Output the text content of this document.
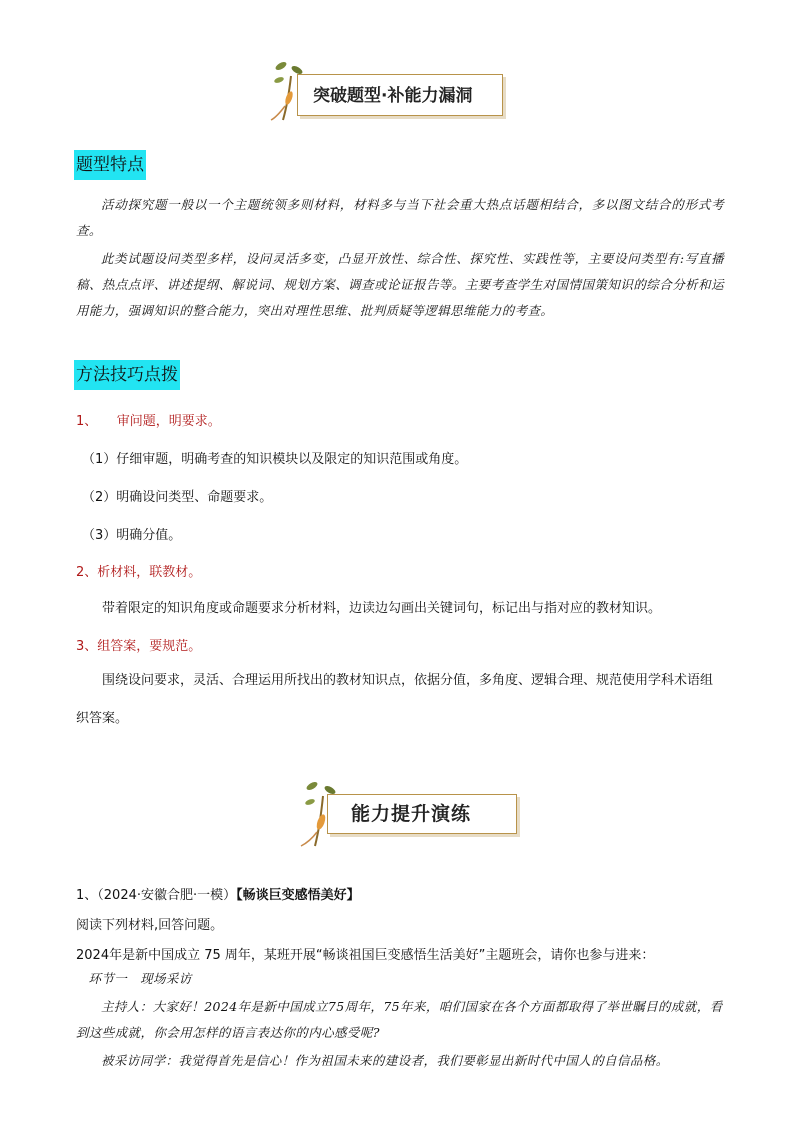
突破题型·补能力漏洞
题型特点
活动探究题一般以一个主题统领多则材料，材料多与当下社会重大热点话题相结合，多以图文结合的形式考查。
此类试题设问类型多样，设问灵活多变，凸显开放性、综合性、探究性、实践性等，主要设问类型有:写直播稿、热点点评、讲述提纲、解说词、规划方案、调查或论证报告等。主要考查学生对国情国策知识的综合分析和运用能力，强调知识的整合能力，突出对理性思维、批判质疑等逻辑思维能力的考查。
方法技巧点拨
1、　　审问题，明要求。
（1）仔细审题，明确考查的知识模块以及限定的知识范围或角度。
（2）明确设问类型、命题要求。
（3）明确分值。
2、析材料，联教材。
带着限定的知识角度或命题要求分析材料，边读边勾画出关键词句，标记出与指对应的教材知识。
3、组答案，要规范。
围绕设问要求，灵活、合理运用所找出的教材知识点，依据分值，多角度、逻辑合理、规范使用学科术语组织答案。
能力提升演练
1、（2024·安徽合肥·一模）【畅谈巨变感悟美好】
阅读下列材料,回答问题。
2024年是新中国成立 75 周年，某班开展“畅谈祖国巨变感悟生活美好”主题班会，请你也参与进来：
环节一　现场采访
主持人：大家好！2024年是新中国成立75周年，75年来，咱们国家在各个方面都取得了举世瞩目的成就，看到这些成就，你会用怎样的语言表达你的内心感受呢?
被采访同学：我觉得首先是信心！作为祖国未来的建设者，我们要彰显出新时代中国人的自信品格。
